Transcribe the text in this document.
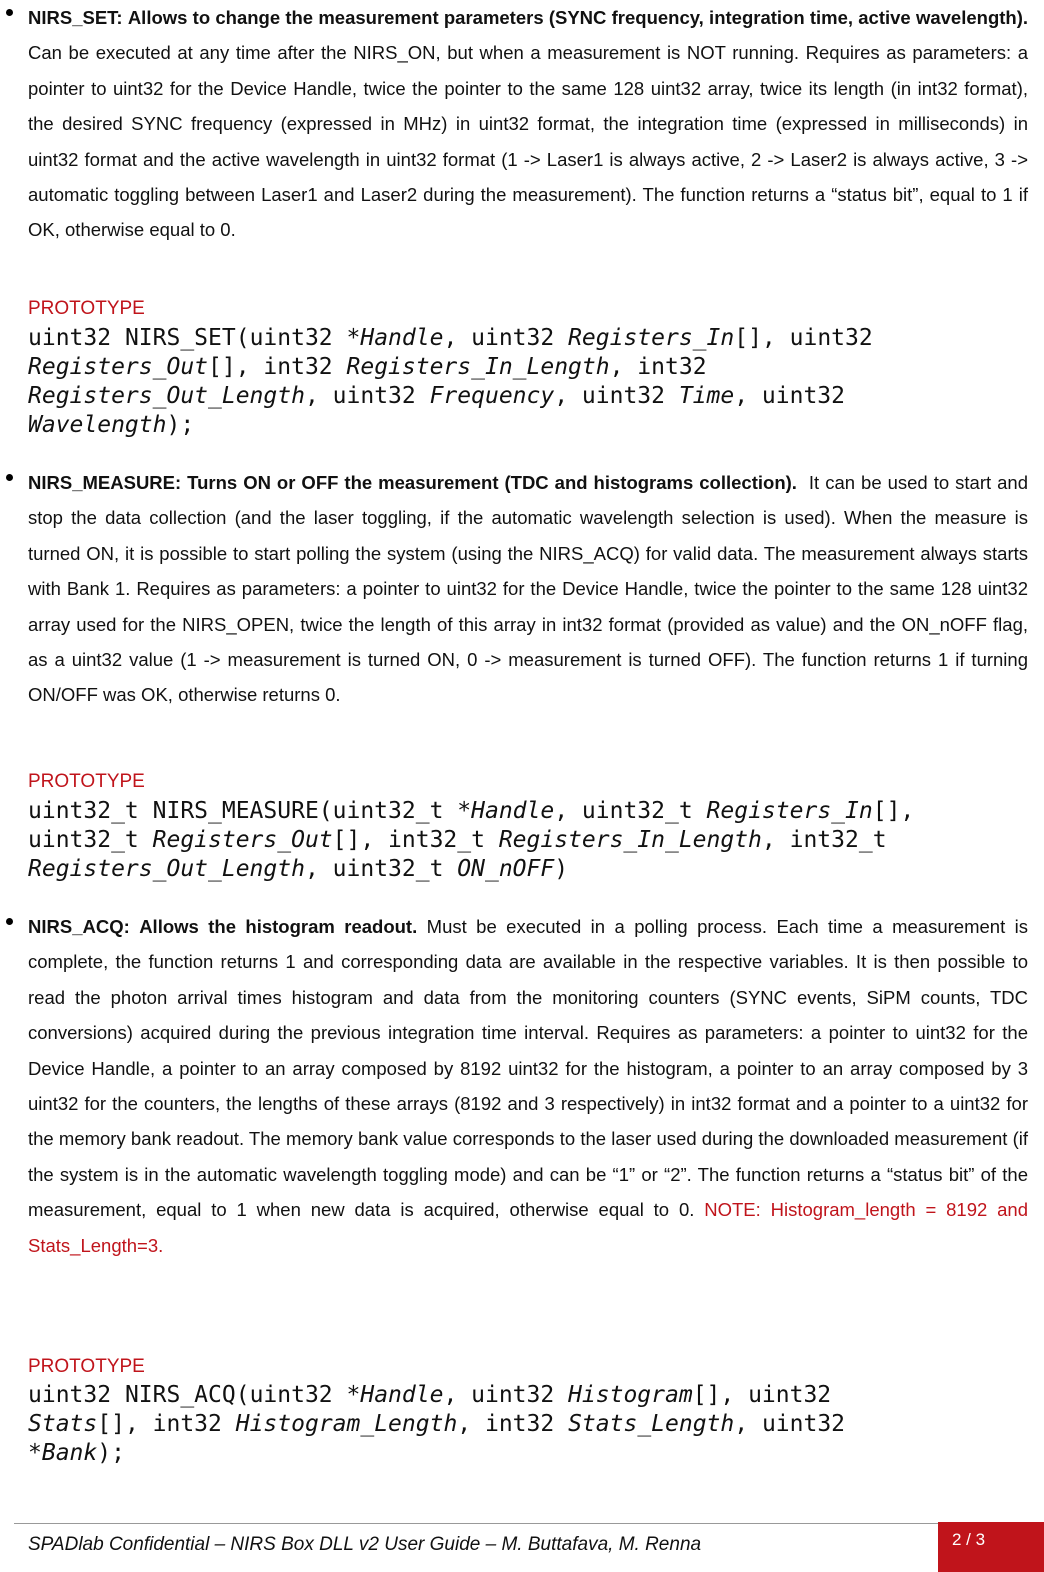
NIRS_SET: Allows to change the measurement parameters (SYNC frequency, integration time, active wavelength). Can be executed at any time after the NIRS_ON, but when a measurement is NOT running. Requires as parameters: a pointer to uint32 for the Device Handle, twice the pointer to the same 128 uint32 array, twice its length (in int32 format), the desired SYNC frequency (expressed in MHz) in uint32 format, the integration time (expressed in milliseconds) in uint32 format and the active wavelength in uint32 format (1 -> Laser1 is always active, 2 -> Laser2 is always active, 3 -> automatic toggling between Laser1 and Laser2 during the measurement). The function returns a “status bit”, equal to 1 if OK, otherwise equal to 0.

PROTOTYPE
uint32 NIRS_SET(uint32 *Handle, uint32 Registers_In[], uint32
Registers_Out[], int32 Registers_In_Length, int32
Registers_Out_Length, uint32 Frequency, uint32 Time, uint32
Wavelength);

NIRS_MEASURE: Turns ON or OFF the measurement (TDC and histograms collection). It can be used to start and stop the data collection (and the laser toggling, if the automatic wavelength selection is used). When the measure is turned ON, it is possible to start polling the system (using the NIRS_ACQ) for valid data. The measurement always starts with Bank 1. Requires as parameters: a pointer to uint32 for the Device Handle, twice the pointer to the same 128 uint32 array used for the NIRS_OPEN, twice the length of this array in int32 format (provided as value) and the ON_nOFF flag, as a uint32 value (1 -> measurement is turned ON, 0 -> measurement is turned OFF). The function returns 1 if turning ON/OFF was OK, otherwise returns 0.

PROTOTYPE
uint32_t NIRS_MEASURE(uint32_t *Handle, uint32_t Registers_In[],
uint32_t Registers_Out[], int32_t Registers_In_Length, int32_t
Registers_Out_Length, uint32_t ON_nOFF)

NIRS_ACQ: Allows the histogram readout. Must be executed in a polling process. Each time a measurement is complete, the function returns 1 and corresponding data are available in the respective variables. It is then possible to read the photon arrival times histogram and data from the monitoring counters (SYNC events, SiPM counts, TDC conversions) acquired during the previous integration time interval. Requires as parameters: a pointer to uint32 for the Device Handle, a pointer to an array composed by 8192 uint32 for the histogram, a pointer to an array composed by 3 uint32 for the counters, the lengths of these arrays (8192 and 3 respectively) in int32 format and a pointer to a uint32 for the memory bank readout. The memory bank value corresponds to the laser used during the downloaded measurement (if the system is in the automatic wavelength toggling mode) and can be “1” or “2”. The function returns a “status bit” of the measurement, equal to 1 when new data is acquired, otherwise equal to 0. NOTE: Histogram_length = 8192 and Stats_Length=3.

PROTOTYPE
uint32 NIRS_ACQ(uint32 *Handle, uint32 Histogram[], uint32
Stats[], int32 Histogram_Length, int32 Stats_Length, uint32
*Bank);
SPADlab Confidential – NIRS Box DLL v2 User Guide – M. Buttafava, M. Renna	2 / 3
